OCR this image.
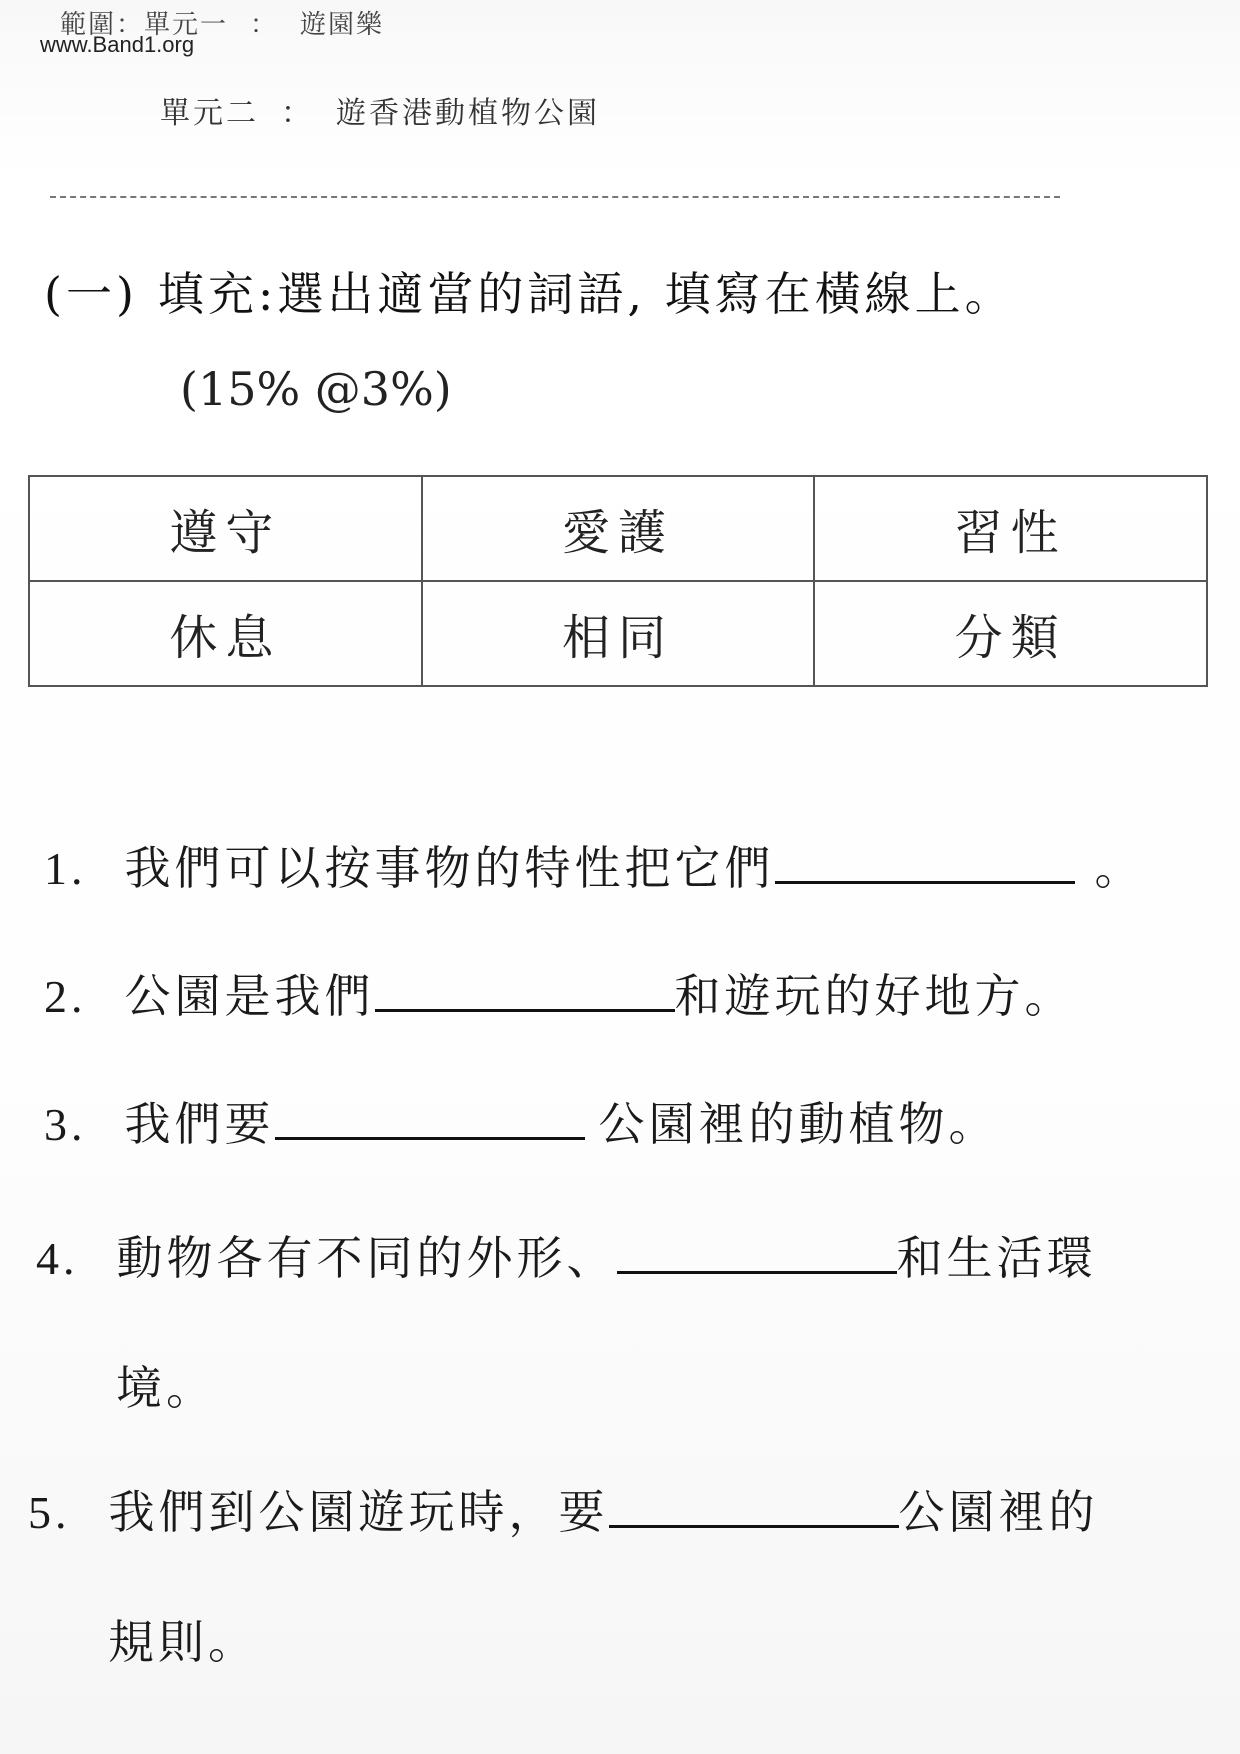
範圍：單元一 ： 遊園樂
www.Band1.org
單元二 ： 遊香港動植物公園
(一) 填充:選出適當的詞語, 填寫在橫線上。
(15% @3%)
遵守	愛護	習性
休息	相同	分類
1. 我們可以按事物的特性把它們	。
2. 公園是我們	和遊玩的好地方。
3. 我們要	公園裡的動植物。
4. 動物各有不同的外形、	和生活環
境。
5. 我們到公園遊玩時，要	公園裡的
規則。
